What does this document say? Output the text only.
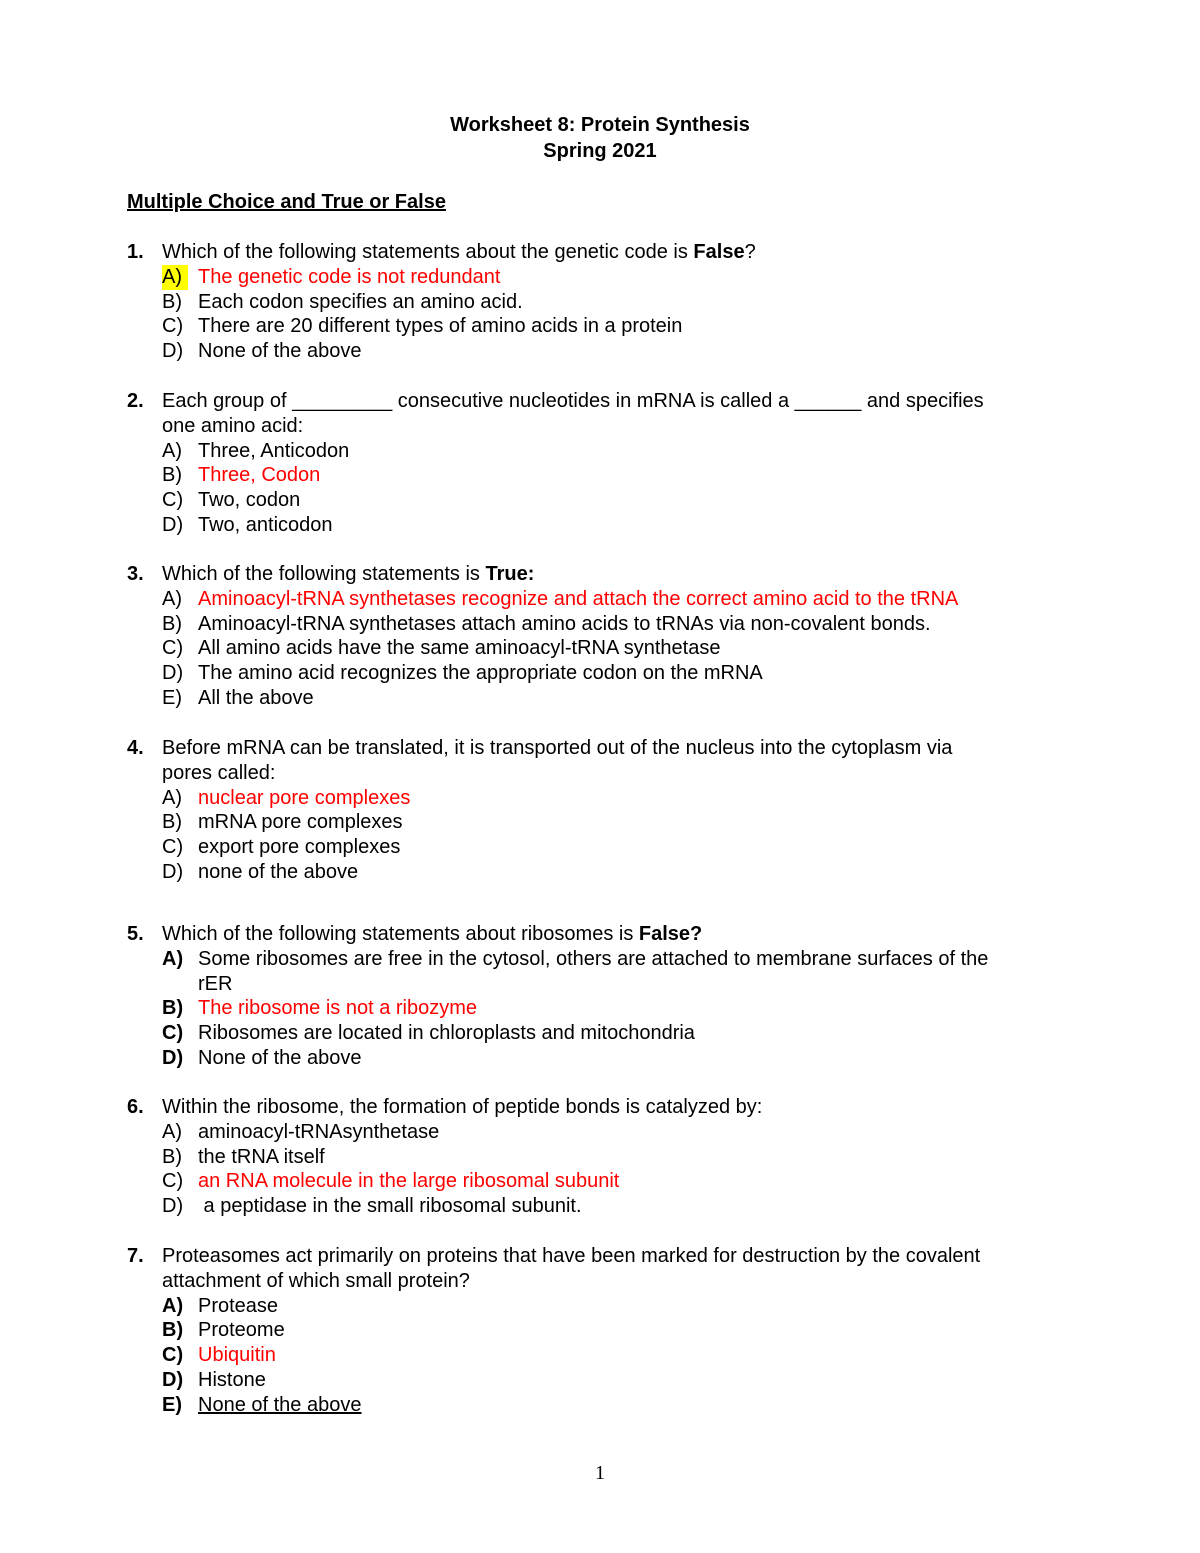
Worksheet 8: Protein Synthesis
Spring 2021
Multiple Choice and True or False
1. Which of the following statements about the genetic code is False?
A) The genetic code is not redundant
B) Each codon specifies an amino acid.
C) There are 20 different types of amino acids in a protein
D) None of the above
2. Each group of _________ consecutive nucleotides in mRNA is called a ______ and specifies
one amino acid:
A) Three, Anticodon
B) Three, Codon
C) Two, codon
D) Two, anticodon
3. Which of the following statements is True:
A) Aminoacyl-tRNA synthetases recognize and attach the correct amino acid to the tRNA
B) Aminoacyl-tRNA synthetases attach amino acids to tRNAs via non-covalent bonds.
C) All amino acids have the same aminoacyl-tRNA synthetase
D) The amino acid recognizes the appropriate codon on the mRNA
E) All the above
4. Before mRNA can be translated, it is transported out of the nucleus into the cytoplasm via
pores called:
A) nuclear pore complexes
B) mRNA pore complexes
C) export pore complexes
D) none of the above
5. Which of the following statements about ribosomes is False?
A) Some ribosomes are free in the cytosol, others are attached to membrane surfaces of the
rER
B) The ribosome is not a ribozyme
C) Ribosomes are located in chloroplasts and mitochondria
D) None of the above
6. Within the ribosome, the formation of peptide bonds is catalyzed by:
A) aminoacyl-tRNAsynthetase
B) the tRNA itself
C) an RNA molecule in the large ribosomal subunit
D) a peptidase in the small ribosomal subunit.
7. Proteasomes act primarily on proteins that have been marked for destruction by the covalent
attachment of which small protein?
A) Protease
B) Proteome
C) Ubiquitin
D) Histone
E) None of the above
1
